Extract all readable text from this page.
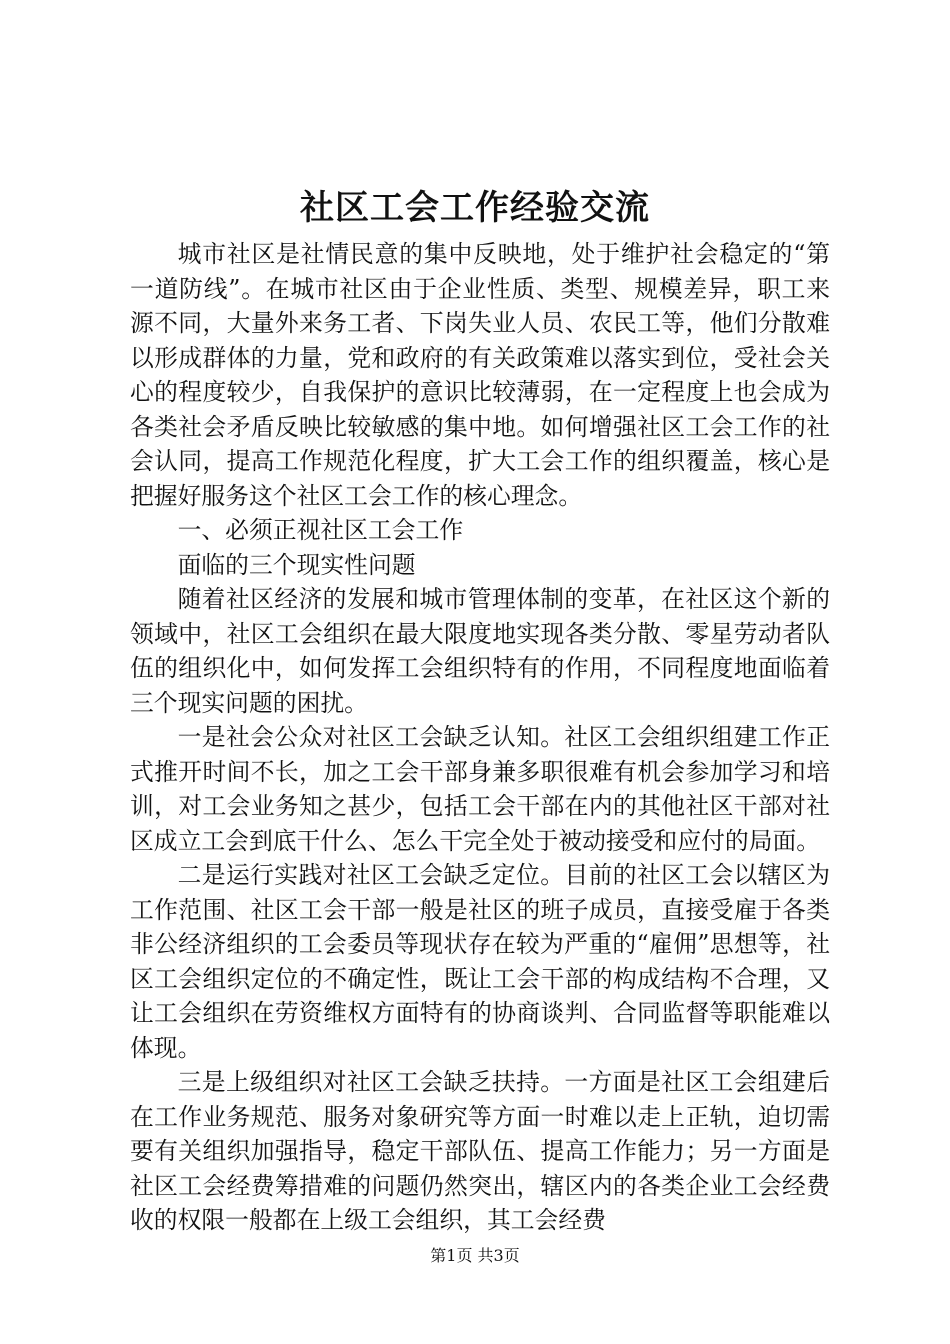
社区工会工作经验交流

城市社区是社情民意的集中反映地，处于维护社会稳定的“第一道防线”。在城市社区由于企业性质、类型、规模差异，职工来源不同，大量外来务工者、下岗失业人员、农民工等，他们分散难以形成群体的力量，党和政府的有关政策难以落实到位，受社会关心的程度较少，自我保护的意识比较薄弱，在一定程度上也会成为各类社会矛盾反映比较敏感的集中地。如何增强社区工会工作的社会认同，提高工作规范化程度，扩大工会工作的组织覆盖，核心是把握好服务这个社区工会工作的核心理念。

一、必须正视社区工会工作

面临的三个现实性问题

随着社区经济的发展和城市管理体制的变革，在社区这个新的领域中，社区工会组织在最大限度地实现各类分散、零星劳动者队伍的组织化中，如何发挥工会组织特有的作用，不同程度地面临着三个现实问题的困扰。

一是社会公众对社区工会缺乏认知。社区工会组织组建工作正式推开时间不长，加之工会干部身兼多职很难有机会参加学习和培训，对工会业务知之甚少，包括工会干部在内的其他社区干部对社区成立工会到底干什么、怎么干完全处于被动接受和应付的局面。

二是运行实践对社区工会缺乏定位。目前的社区工会以辖区为工作范围、社区工会干部一般是社区的班子成员，直接受雇于各类非公经济组织的工会委员等现状存在较为严重的“雇佣”思想等，社区工会组织定位的不确定性，既让工会干部的构成结构不合理，又让工会组织在劳资维权方面特有的协商谈判、合同监督等职能难以体现。

三是上级组织对社区工会缺乏扶持。一方面是社区工会组建后在工作业务规范、服务对象研究等方面一时难以走上正轨，迫切需要有关组织加强指导，稳定干部队伍、提高工作能力；另一方面是社区工会经费筹措难的问题仍然突出，辖区内的各类企业工会经费收的权限一般都在上级工会组织，其工会经费

第1页 共3页
